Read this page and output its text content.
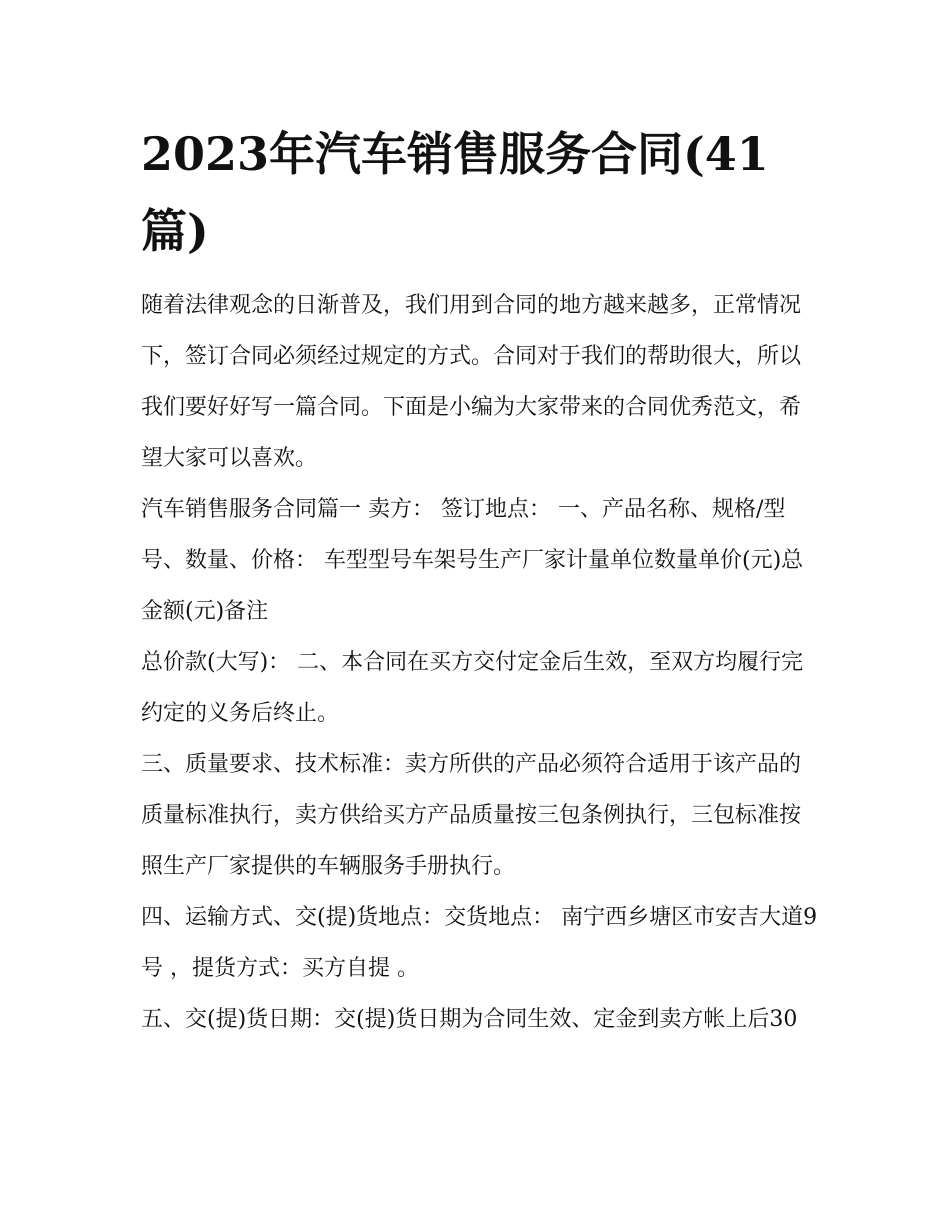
2023年汽车销售服务合同(41篇)

随着法律观念的日渐普及，我们用到合同的地方越来越多，正常情况下，签订合同必须经过规定的方式。合同对于我们的帮助很大，所以我们要好好写一篇合同。下面是小编为大家带来的合同优秀范文，希望大家可以喜欢。

汽车销售服务合同篇一 卖方： 签订地点： 一、产品名称、规格/型号、数量、价格： 车型型号车架号生产厂家计量单位数量单价(元)总金额(元)备注

总价款(大写)： 二、本合同在买方交付定金后生效，至双方均履行完约定的义务后终止。

三、质量要求、技术标准：卖方所供的产品必须符合适用于该产品的质量标准执行，卖方供给买方产品质量按三包条例执行，三包标准按照生产厂家提供的车辆服务手册执行。

四、运输方式、交(提)货地点：交货地点： 南宁西乡塘区市安吉大道9号 ，提货方式：买方自提 。

五、交(提)货日期：交(提)货日期为合同生效、定金到卖方帐上后30
